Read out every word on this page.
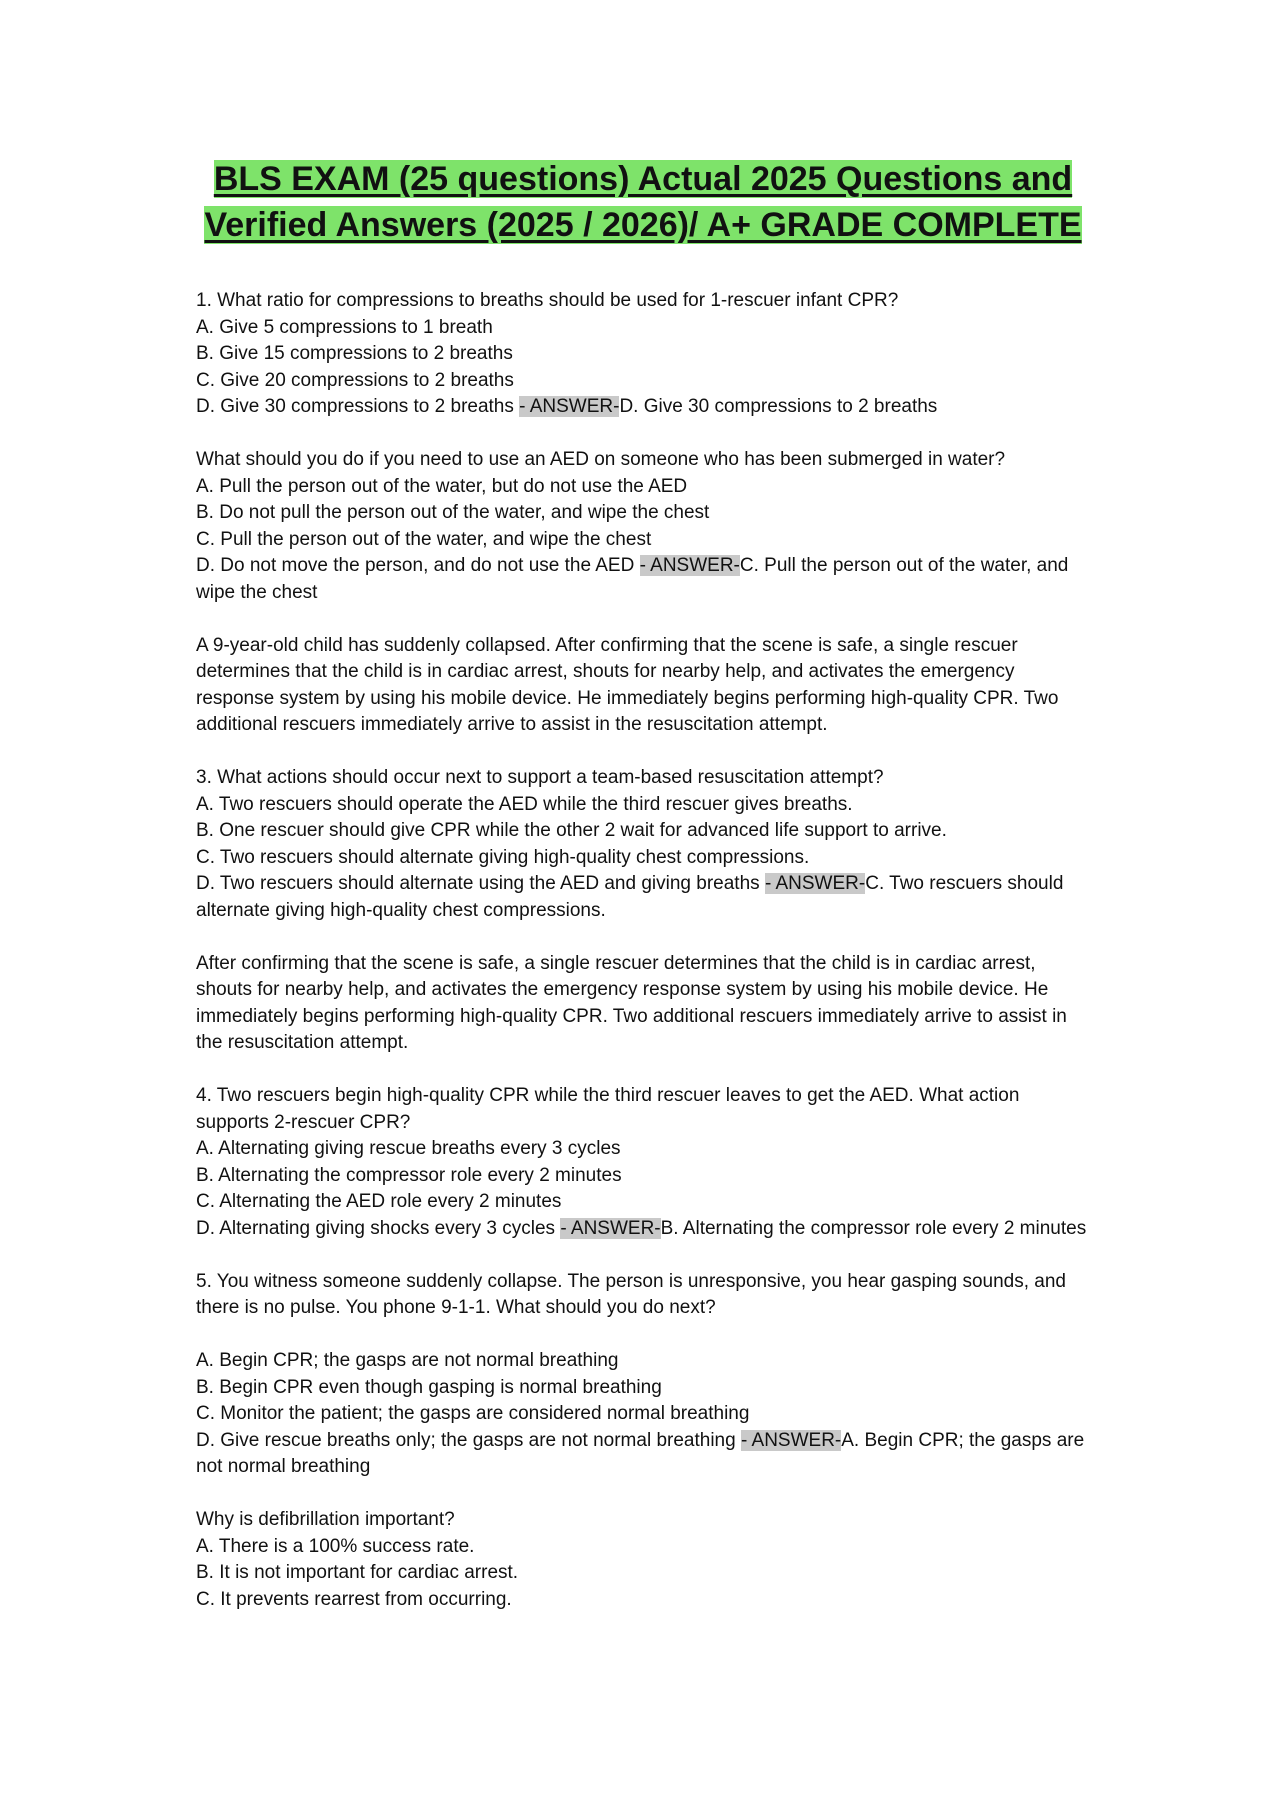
BLS EXAM (25 questions) Actual 2025 Questions and
Verified Answers (2025 / 2026)/ A+ GRADE COMPLETE
1. What ratio for compressions to breaths should be used for 1-rescuer infant CPR?
A. Give 5 compressions to 1 breath
B. Give 15 compressions to 2 breaths
C. Give 20 compressions to 2 breaths
D. Give 30 compressions to 2 breaths - ANSWER-D. Give 30 compressions to 2 breaths
What should you do if you need to use an AED on someone who has been submerged in water?
A. Pull the person out of the water, but do not use the AED
B. Do not pull the person out of the water, and wipe the chest
C. Pull the person out of the water, and wipe the chest
D. Do not move the person, and do not use the AED - ANSWER-C. Pull the person out of the water, and wipe the chest
A 9-year-old child has suddenly collapsed. After confirming that the scene is safe, a single rescuer determines that the child is in cardiac arrest, shouts for nearby help, and activates the emergency response system by using his mobile device. He immediately begins performing high-quality CPR. Two additional rescuers immediately arrive to assist in the resuscitation attempt.
3. What actions should occur next to support a team-based resuscitation attempt?
A. Two rescuers should operate the AED while the third rescuer gives breaths.
B. One rescuer should give CPR while the other 2 wait for advanced life support to arrive.
C. Two rescuers should alternate giving high-quality chest compressions.
D. Two rescuers should alternate using the AED and giving breaths - ANSWER-C. Two rescuers should alternate giving high-quality chest compressions.
After confirming that the scene is safe, a single rescuer determines that the child is in cardiac arrest, shouts for nearby help, and activates the emergency response system by using his mobile device. He immediately begins performing high-quality CPR. Two additional rescuers immediately arrive to assist in the resuscitation attempt.
4. Two rescuers begin high-quality CPR while the third rescuer leaves to get the AED. What action supports 2-rescuer CPR?
A. Alternating giving rescue breaths every 3 cycles
B. Alternating the compressor role every 2 minutes
C. Alternating the AED role every 2 minutes
D. Alternating giving shocks every 3 cycles - ANSWER-B. Alternating the compressor role every 2 minutes
5. You witness someone suddenly collapse. The person is unresponsive, you hear gasping sounds, and there is no pulse. You phone 9-1-1. What should you do next?
A. Begin CPR; the gasps are not normal breathing
B. Begin CPR even though gasping is normal breathing
C. Monitor the patient; the gasps are considered normal breathing
D. Give rescue breaths only; the gasps are not normal breathing - ANSWER-A. Begin CPR; the gasps are not normal breathing
Why is defibrillation important?
A. There is a 100% success rate.
B. It is not important for cardiac arrest.
C. It prevents rearrest from occurring.
